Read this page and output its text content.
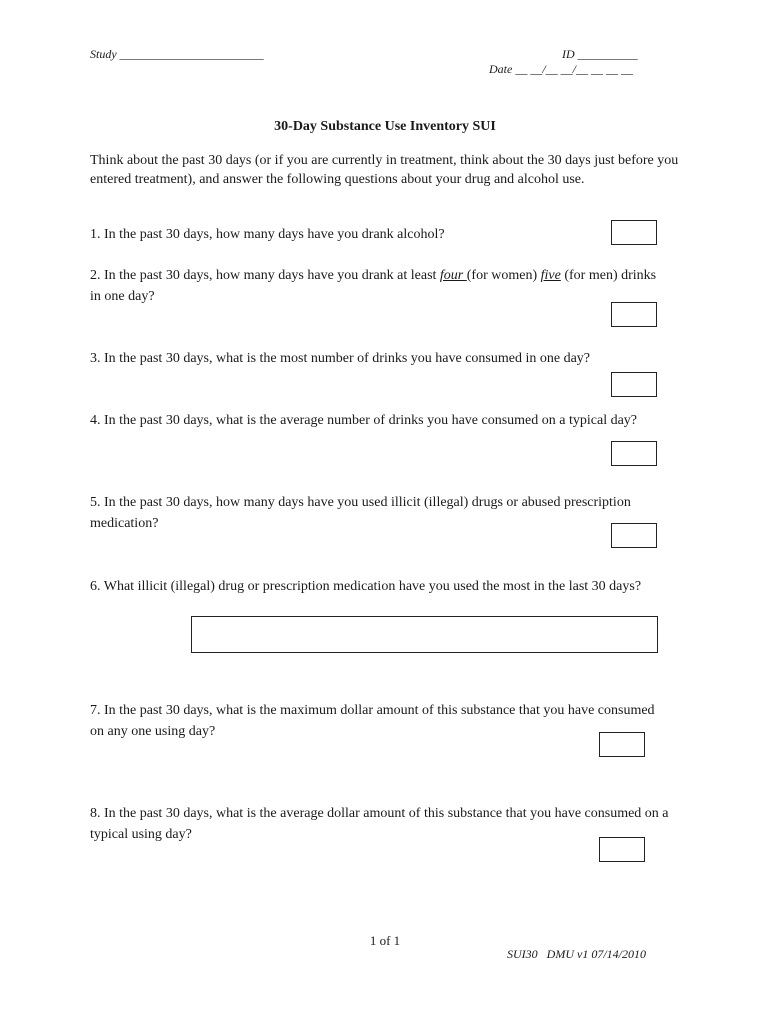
Study ________________________	ID __________
Date __ __/__ __/__ __ __ __
30-Day Substance Use Inventory SUI
Think about the past 30 days (or if you are currently in treatment, think about the 30 days just before you entered treatment), and answer the following questions about your drug and alcohol use.
1. In the past 30 days, how many days have you drank alcohol?
2. In the past 30 days, how many days have you drank at least four (for women) five (for men) drinks in one day?
3. In the past 30 days, what is the most number of drinks you have consumed in one day?
4. In the past 30 days, what is the average number of drinks you have consumed on a typical day?
5. In the past 30 days, how many days have you used illicit (illegal) drugs or abused prescription medication?
6. What illicit (illegal) drug or prescription medication have you used the most in the last 30 days?
7. In the past 30 days, what is the maximum dollar amount of this substance that you have consumed on any one using day?
8. In the past 30 days, what is the average dollar amount of this substance that you have consumed on a typical using day?
1 of 1
SUI30   DMU v1 07/14/2010
